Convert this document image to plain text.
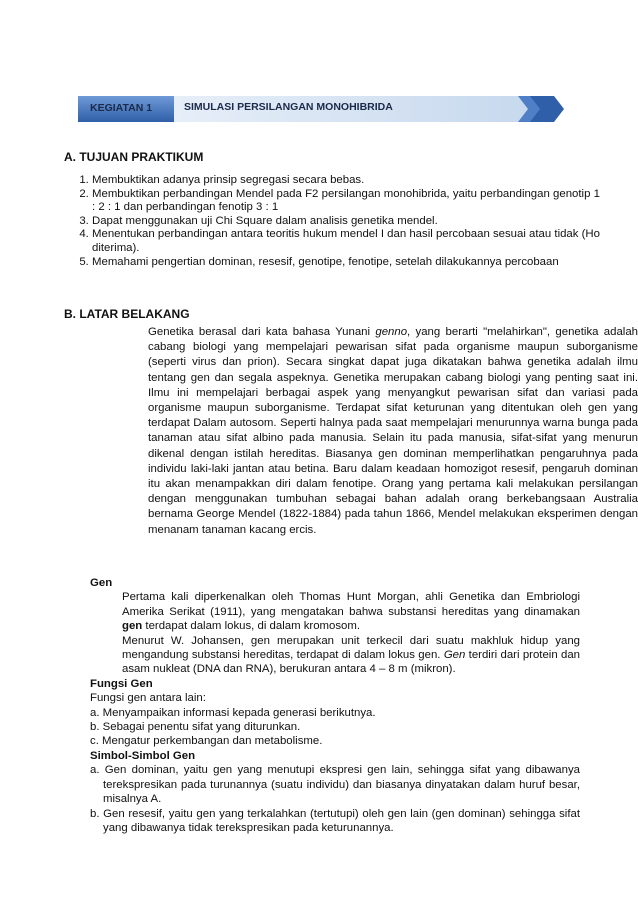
KEGIATAN 1	SIMULASI PERSILANGAN MONOHIBRIDA
A. TUJUAN PRAKTIKUM
1. Membuktikan adanya prinsip segregasi secara bebas.
2. Membuktikan perbandingan Mendel pada F2 persilangan monohibrida, yaitu perbandingan genotip 1 : 2 : 1 dan perbandingan fenotip 3 : 1
3. Dapat menggunakan uji Chi Square dalam analisis genetika mendel.
4. Menentukan perbandingan antara teoritis hukum mendel I dan hasil percobaan sesuai atau tidak (Ho diterima).
5. Memahami pengertian dominan, resesif, genotipe, fenotipe, setelah dilakukannya percobaan
B. LATAR BELAKANG

Genetika berasal dari kata bahasa Yunani genno, yang berarti "melahirkan", genetika adalah cabang biologi yang mempelajari pewarisan sifat pada organisme maupun suborganisme (seperti virus dan prion). Secara singkat dapat juga dikatakan bahwa genetika adalah ilmu tentang gen dan segala aspeknya. Genetika merupakan cabang biologi yang penting saat ini. Ilmu ini mempelajari berbagai aspek yang menyangkut pewarisan sifat dan variasi pada organisme maupun suborganisme. Terdapat sifat keturunan yang ditentukan oleh gen yang terdapat Dalam autosom. Seperti halnya pada saat mempelajari menurunnya warna bunga pada tanaman atau sifat albino pada manusia. Selain itu pada manusia, sifat-sifat yang menurun dikenal dengan istilah hereditas. Biasanya gen dominan memperlihatkan pengaruhnya pada individu laki-laki jantan atau betina. Baru dalam keadaan homozigot resesif, pengaruh dominan itu akan menampakkan diri dalam fenotipe. Orang yang pertama kali melakukan persilangan dengan menggunakan tumbuhan sebagai bahan adalah orang berkebangsaan Australia bernama George Mendel (1822-1884) pada tahun 1866, Mendel melakukan eksperimen dengan menanam tanaman kacang ercis.

Gen
Pertama kali diperkenalkan oleh Thomas Hunt Morgan, ahli Genetika dan Embriologi Amerika Serikat (1911), yang mengatakan bahwa substansi hereditas yang dinamakan gen terdapat dalam lokus, di dalam kromosom.
Menurut W. Johansen, gen merupakan unit terkecil dari suatu makhluk hidup yang mengandung substansi hereditas, terdapat di dalam lokus gen. Gen terdiri dari protein dan asam nukleat (DNA dan RNA), berukuran antara 4 – 8 m (mikron).
Fungsi Gen
Fungsi gen antara lain:
a. Menyampaikan informasi kepada generasi berikutnya.
b. Sebagai penentu sifat yang diturunkan.
c. Mengatur perkembangan dan metabolisme.
Simbol-Simbol Gen
a. Gen dominan, yaitu gen yang menutupi ekspresi gen lain, sehingga sifat yang dibawanya terekspresikan pada turunannya (suatu individu) dan biasanya dinyatakan dalam huruf besar, misalnya A.
b. Gen resesif, yaitu gen yang terkalahkan (tertutupi) oleh gen lain (gen dominan) sehingga sifat yang dibawanya tidak terekspresikan pada keturunannya.
